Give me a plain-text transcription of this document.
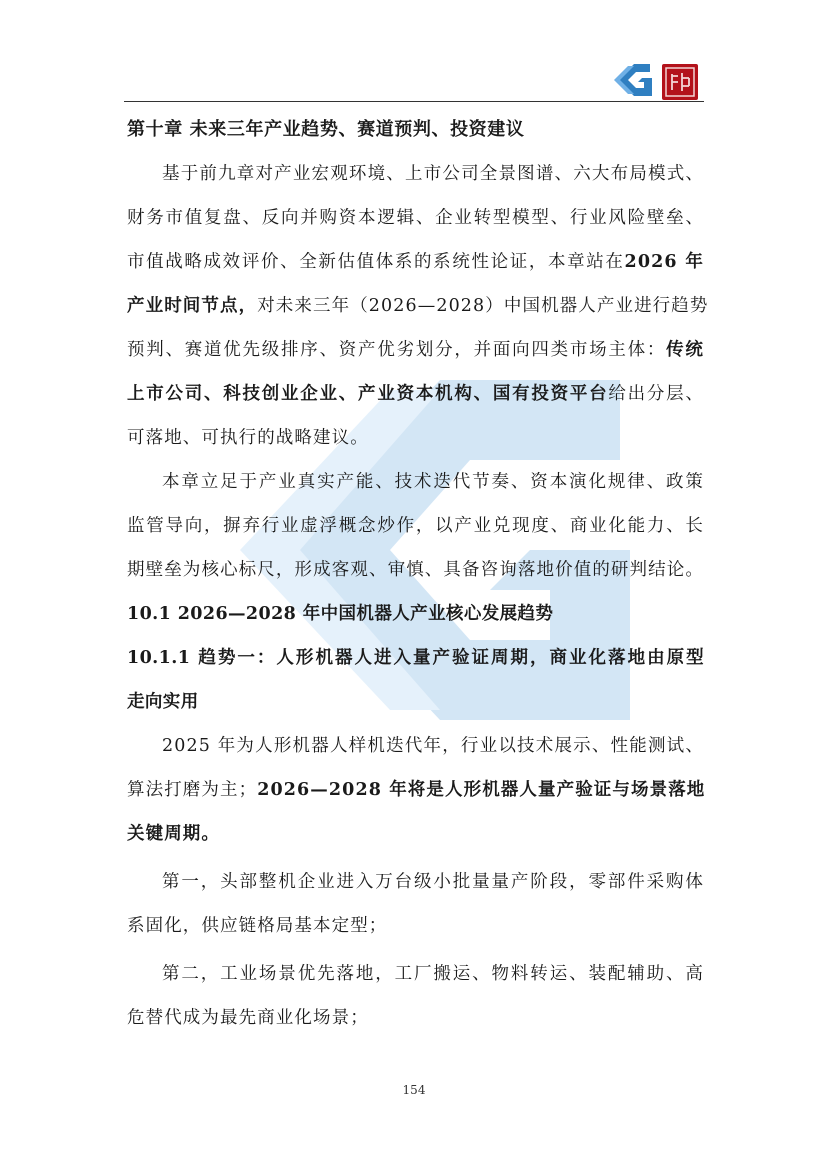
第十章 未来三年产业趋势、赛道预判、投资建议
基于前九章对产业宏观环境、上市公司全景图谱、六大布局模式、
财务市值复盘、反向并购资本逻辑、企业转型模型、行业风险壁垒、
市值战略成效评价、全新估值体系的系统性论证，本章站在2026 年
产业时间节点，对未来三年（2026—2028）中国机器人产业进行趋势
预判、赛道优先级排序、资产优劣划分，并面向四类市场主体：传统
上市公司、科技创业企业、产业资本机构、国有投资平台给出分层、
可落地、可执行的战略建议。
本章立足于产业真实产能、技术迭代节奏、资本演化规律、政策
监管导向，摒弃行业虚浮概念炒作，以产业兑现度、商业化能力、长
期壁垒为核心标尺，形成客观、审慎、具备咨询落地价值的研判结论。
10.1 2026—2028 年中国机器人产业核心发展趋势
10.1.1 趋势一：人形机器人进入量产验证周期，商业化落地由原型
走向实用
2025 年为人形机器人样机迭代年，行业以技术展示、性能测试、
算法打磨为主；2026—2028 年将是人形机器人量产验证与场景落地
关键周期。
第一，头部整机企业进入万台级小批量量产阶段，零部件采购体
系固化，供应链格局基本定型；
第二，工业场景优先落地，工厂搬运、物料转运、装配辅助、高
危替代成为最先商业化场景；
154
